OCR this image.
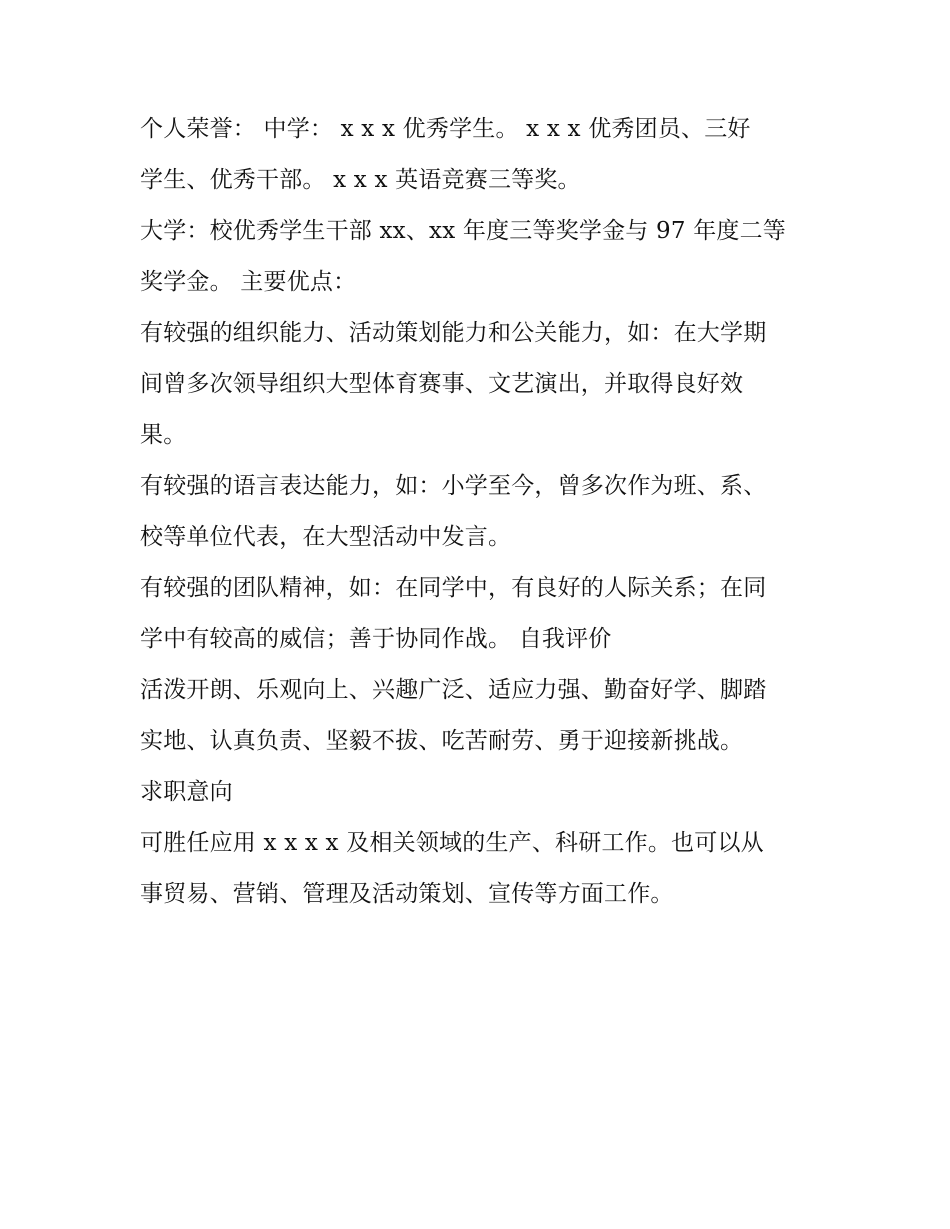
个人荣誉： 中学： x x x 优秀学生。 x x x 优秀团员、三好
学生、优秀干部。 x x x 英语竞赛三等奖。
大学：校优秀学生干部 xx、xx 年度三等奖学金与 97 年度二等
奖学金。 主要优点：
有较强的组织能力、活动策划能力和公关能力，如：在大学期
间曾多次领导组织大型体育赛事、文艺演出，并取得良好效
果。
有较强的语言表达能力，如：小学至今，曾多次作为班、系、
校等单位代表，在大型活动中发言。
有较强的团队精神，如：在同学中，有良好的人际关系；在同
学中有较高的威信；善于协同作战。 自我评价
活泼开朗、乐观向上、兴趣广泛、适应力强、勤奋好学、脚踏
实地、认真负责、坚毅不拔、吃苦耐劳、勇于迎接新挑战。
求职意向
可胜任应用 x x x x 及相关领域的生产、科研工作。也可以从
事贸易、营销、管理及活动策划、宣传等方面工作。
